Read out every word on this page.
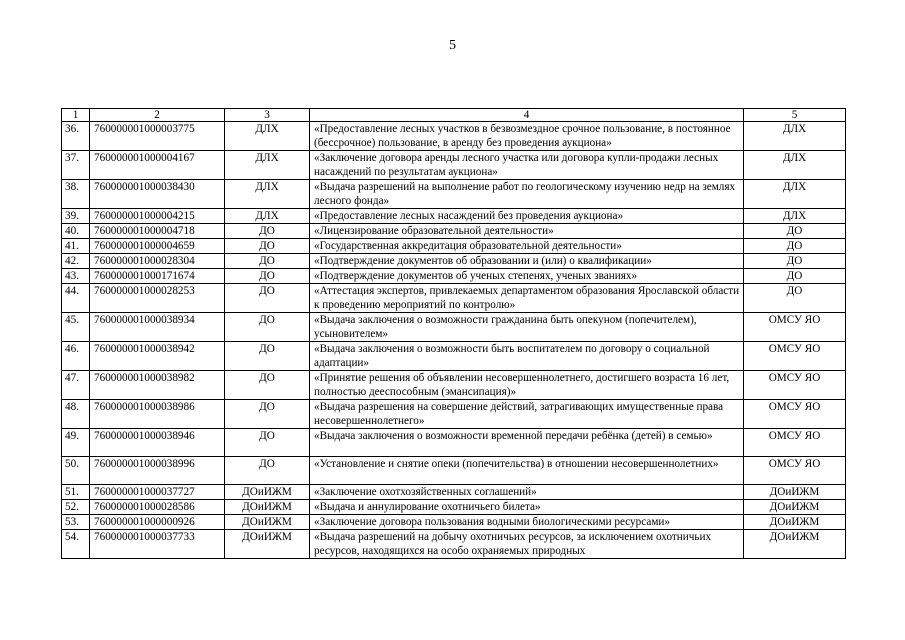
5
1	2	3	4	5
36.	760000001000003775	ДЛХ	«Предоставление лесных участков в безвозмездное срочное пользование, в постоянное (бессрочное) пользование, в аренду без проведения аукциона»	ДЛХ
37.	760000001000004167	ДЛХ	«Заключение договора аренды лесного участка или договора купли-продажи лесных насаждений по результатам аукциона»	ДЛХ
38.	760000001000038430	ДЛХ	«Выдача разрешений на выполнение работ по геологическому изучению недр на землях лесного фонда»	ДЛХ
39.	760000001000004215	ДЛХ	«Предоставление лесных насаждений без проведения аукциона»	ДЛХ
40.	760000001000004718	ДО	«Лицензирование образовательной деятельности»	ДО
41.	760000001000004659	ДО	«Государственная аккредитация образовательной деятельности»	ДО
42.	760000001000028304	ДО	«Подтверждение документов об образовании и (или) о квалификации»	ДО
43.	760000001000171674	ДО	«Подтверждение документов об ученых степенях, ученых званиях»	ДО
44.	760000001000028253	ДО	«Аттестация экспертов, привлекаемых департаментом образования Ярославской области к проведению мероприятий по контролю»	ДО
45.	760000001000038934	ДО	«Выдача заключения о возможности гражданина быть опекуном (попечителем), усыновителем»	ОМСУ ЯО
46.	760000001000038942	ДО	«Выдача заключения о возможности быть воспитателем по договору о социальной адаптации»	ОМСУ ЯО
47.	760000001000038982	ДО	«Принятие решения об объявлении несовершеннолетнего, достигшего возраста 16 лет, полностью дееспособным (эмансипация)»	ОМСУ ЯО
48.	760000001000038986	ДО	«Выдача разрешения на совершение действий, затрагивающих имущественные права несовершеннолетнего»	ОМСУ ЯО
49.	760000001000038946	ДО	«Выдача заключения о возможности временной передачи ребёнка (детей) в семью»	ОМСУ ЯО
50.	760000001000038996	ДО	«Установление и снятие опеки (попечительства) в отношении несовершеннолетних»	ОМСУ ЯО
51.	760000001000037727	ДОиИЖМ	«Заключение охотхозяйственных соглашений»	ДОиИЖМ
52.	760000001000028586	ДОиИЖМ	«Выдача и аннулирование охотничьего билета»	ДОиИЖМ
53.	760000001000000926	ДОиИЖМ	«Заключение договора пользования водными биологическими ресурсами»	ДОиИЖМ
54.	760000001000037733	ДОиИЖМ	«Выдача разрешений на добычу охотничьих ресурсов, за исключением охотничьих ресурсов, находящихся на особо охраняемых природных	ДОиИЖМ
